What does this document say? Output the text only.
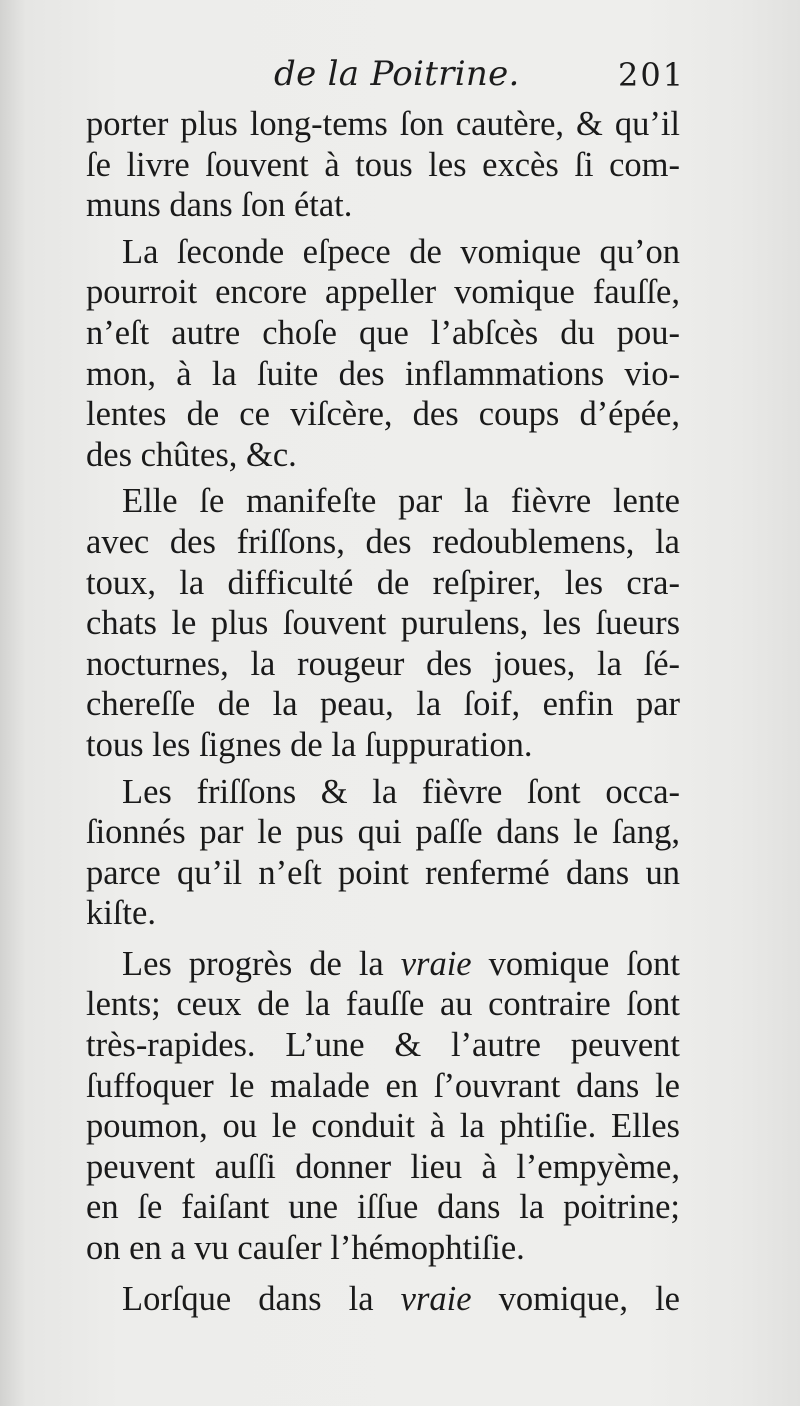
de la Poitrine.	201
porter plus long-tems ſon cautère, & qu’il
ſe livre ſouvent à tous les excès ſi com-
muns dans ſon état.
La ſeconde eſpece de vomique qu’on
pourroit encore appeller vomique fauſſe,
n’eſt autre choſe que l’abſcès du pou-
mon, à la ſuite des inflammations vio-
lentes de ce viſcère, des coups d’épée,
des chûtes, &c.
Elle ſe manifeſte par la fièvre lente
avec des friſſons, des redoublemens, la
toux, la difficulté de reſpirer, les cra-
chats le plus ſouvent purulens, les ſueurs
nocturnes, la rougeur des joues, la ſé-
chereſſe de la peau, la ſoif, enfin par
tous les ſignes de la ſuppuration.
Les friſſons & la fièvre ſont occa-
ſionnés par le pus qui paſſe dans le ſang,
parce qu’il n’eſt point renfermé dans un
kiſte.
Les progrès de la vraie vomique ſont
lents; ceux de la fauſſe au contraire ſont
très-rapides. L’une & l’autre peuvent
ſuffoquer le malade en ſ’ouvrant dans le
poumon, ou le conduit à la phtiſie. Elles
peuvent auſſi donner lieu à l’empyème,
en ſe faiſant une iſſue dans la poitrine;
on en a vu cauſer l’hémophtiſie.
Lorſque dans la vraie vomique, le
